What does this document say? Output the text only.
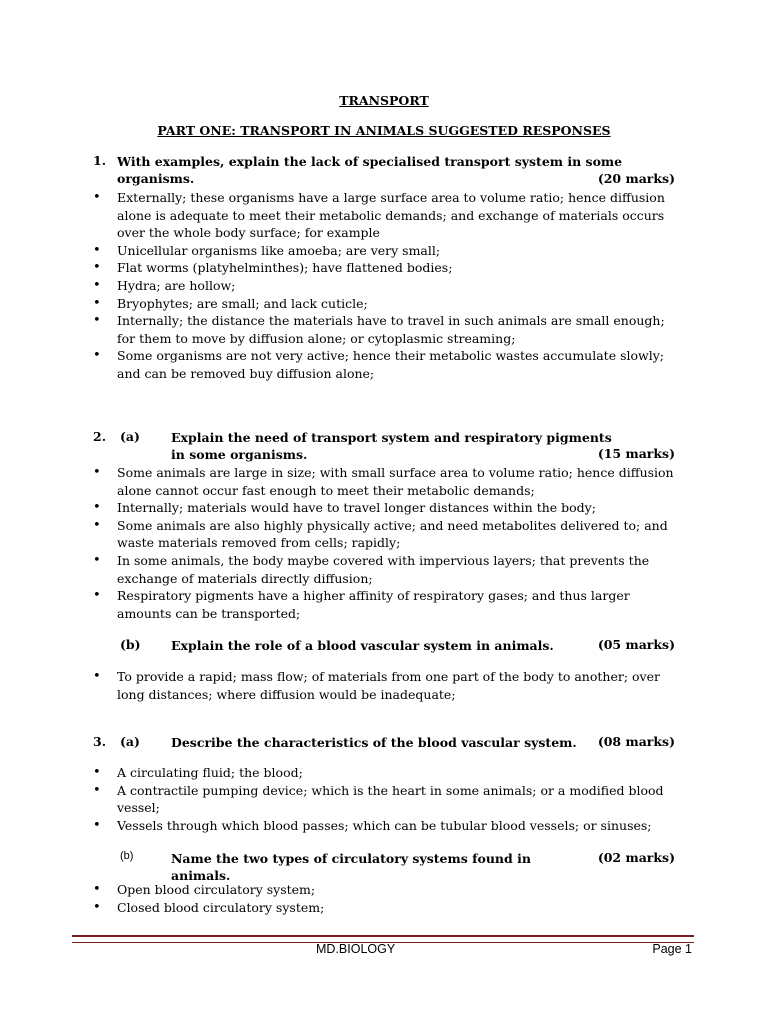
TRANSPORT
PART ONE: TRANSPORT IN ANIMALS SUGGESTED RESPONSES
1. With examples, explain the lack of specialised transport system in some organisms.	(20 marks)
• Externally; these organisms have a large surface area to volume ratio; hence diffusion alone is adequate to meet their metabolic demands; and exchange of materials occurs over the whole body surface; for example
• Unicellular organisms like amoeba; are very small;
• Flat worms (platyhelminthes); have flattened bodies;
• Hydra; are hollow;
• Bryophytes; are small; and lack cuticle;
• Internally; the distance the materials have to travel in such animals are small enough; for them to move by diffusion alone; or cytoplasmic streaming;
• Some organisms are not very active; hence their metabolic wastes accumulate slowly; and can be removed buy diffusion alone;
2. (a) Explain the need of transport system and respiratory pigments in some organisms.	(15 marks)
• Some animals are large in size; with small surface area to volume ratio; hence diffusion alone cannot occur fast enough to meet their metabolic demands;
• Internally; materials would have to travel longer distances within the body;
• Some animals are also highly physically active; and need metabolites delivered to; and waste materials removed from cells; rapidly;
• In some animals, the body maybe covered with impervious layers; that prevents the exchange of materials directly diffusion;
• Respiratory pigments have a higher affinity of respiratory gases; and thus larger amounts can be transported;
(b) Explain the role of a blood vascular system in animals.	(05 marks)
• To provide a rapid; mass flow; of materials from one part of the body to another; over long distances; where diffusion would be inadequate;
3. (a) Describe the characteristics of the blood vascular system.	(08 marks)
• A circulating fluid; the blood;
• A contractile pumping device; which is the heart in some animals; or a modified blood vessel;
• Vessels through which blood passes; which can be tubular blood vessels; or sinuses;
(b)	Name the two types of circulatory systems found in animals.
(02 marks)
• Open blood circulatory system;
• Closed blood circulatory system;
MD.BIOLOGY	Page 1
